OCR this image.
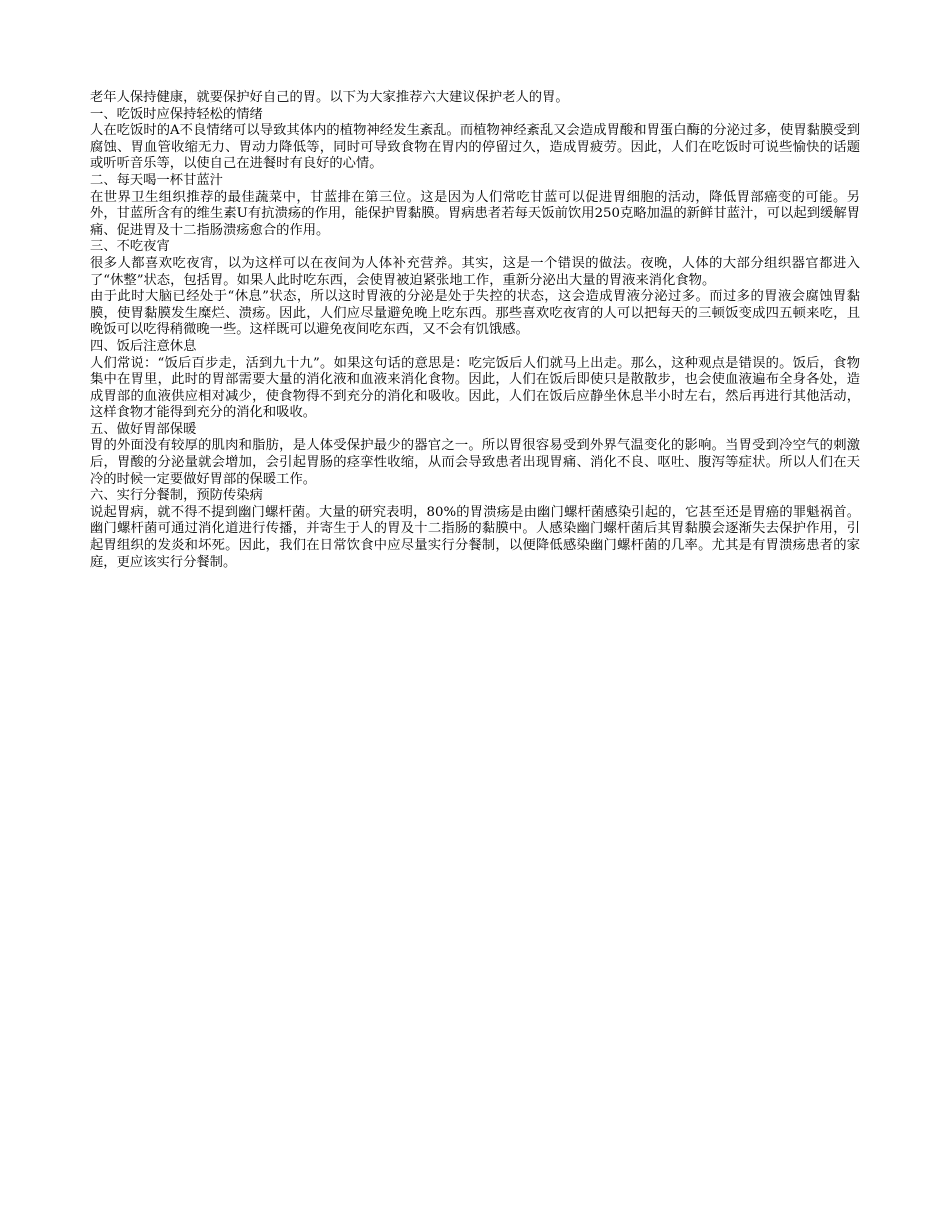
老年人保持健康，就要保护好自己的胃。以下为大家推荐六大建议保护老人的胃。

一、吃饭时应保持轻松的情绪

人在吃饭时的A不良情绪可以导致其体内的植物神经发生紊乱。而植物神经紊乱又会造成胃酸和胃蛋白酶的分泌过多，使胃黏膜受到腐蚀、胃血管收缩无力、胃动力降低等，同时可导致食物在胃内的停留过久，造成胃疲劳。因此，人们在吃饭时可说些愉快的话题或听听音乐等，以使自己在进餐时有良好的心情。

二、每天喝一杯甘蓝汁

在世界卫生组织推荐的最佳蔬菜中，甘蓝排在第三位。这是因为人们常吃甘蓝可以促进胃细胞的活动，降低胃部癌变的可能。另外，甘蓝所含有的维生素U有抗溃疡的作用，能保护胃黏膜。胃病患者若每天饭前饮用250克略加温的新鲜甘蓝汁，可以起到缓解胃痛、促进胃及十二指肠溃疡愈合的作用。

三、不吃夜宵

很多人都喜欢吃夜宵，以为这样可以在夜间为人体补充营养。其实，这是一个错误的做法。夜晚，人体的大部分组织器官都进入了“休整”状态，包括胃。如果人此时吃东西，会使胃被迫紧张地工作，重新分泌出大量的胃液来消化食物。

由于此时大脑已经处于“休息”状态，所以这时胃液的分泌是处于失控的状态，这会造成胃液分泌过多。而过多的胃液会腐蚀胃黏膜，使胃黏膜发生糜烂、溃疡。因此，人们应尽量避免晚上吃东西。那些喜欢吃夜宵的人可以把每天的三顿饭变成四五顿来吃，且晚饭可以吃得稍微晚一些。这样既可以避免夜间吃东西，又不会有饥饿感。

四、饭后注意休息

人们常说：“饭后百步走，活到九十九”。如果这句话的意思是：吃完饭后人们就马上出走。那么，这种观点是错误的。饭后，食物集中在胃里，此时的胃部需要大量的消化液和血液来消化食物。因此，人们在饭后即使只是散散步，也会使血液遍布全身各处，造成胃部的血液供应相对减少，使食物得不到充分的消化和吸收。因此，人们在饭后应静坐休息半小时左右，然后再进行其他活动，这样食物才能得到充分的消化和吸收。

五、做好胃部保暖

胃的外面没有较厚的肌肉和脂肪，是人体受保护最少的器官之一。所以胃很容易受到外界气温变化的影响。当胃受到冷空气的刺激后，胃酸的分泌量就会增加，会引起胃肠的痉挛性收缩，从而会导致患者出现胃痛、消化不良、呕吐、腹泻等症状。所以人们在天冷的时候一定要做好胃部的保暖工作。

六、实行分餐制，预防传染病

说起胃病，就不得不提到幽门螺杆菌。大量的研究表明，80%的胃溃疡是由幽门螺杆菌感染引起的，它甚至还是胃癌的罪魁祸首。幽门螺杆菌可通过消化道进行传播，并寄生于人的胃及十二指肠的黏膜中。人感染幽门螺杆菌后其胃黏膜会逐渐失去保护作用，引起胃组织的发炎和坏死。因此，我们在日常饮食中应尽量实行分餐制，以便降低感染幽门螺杆菌的几率。尤其是有胃溃疡患者的家庭，更应该实行分餐制。
